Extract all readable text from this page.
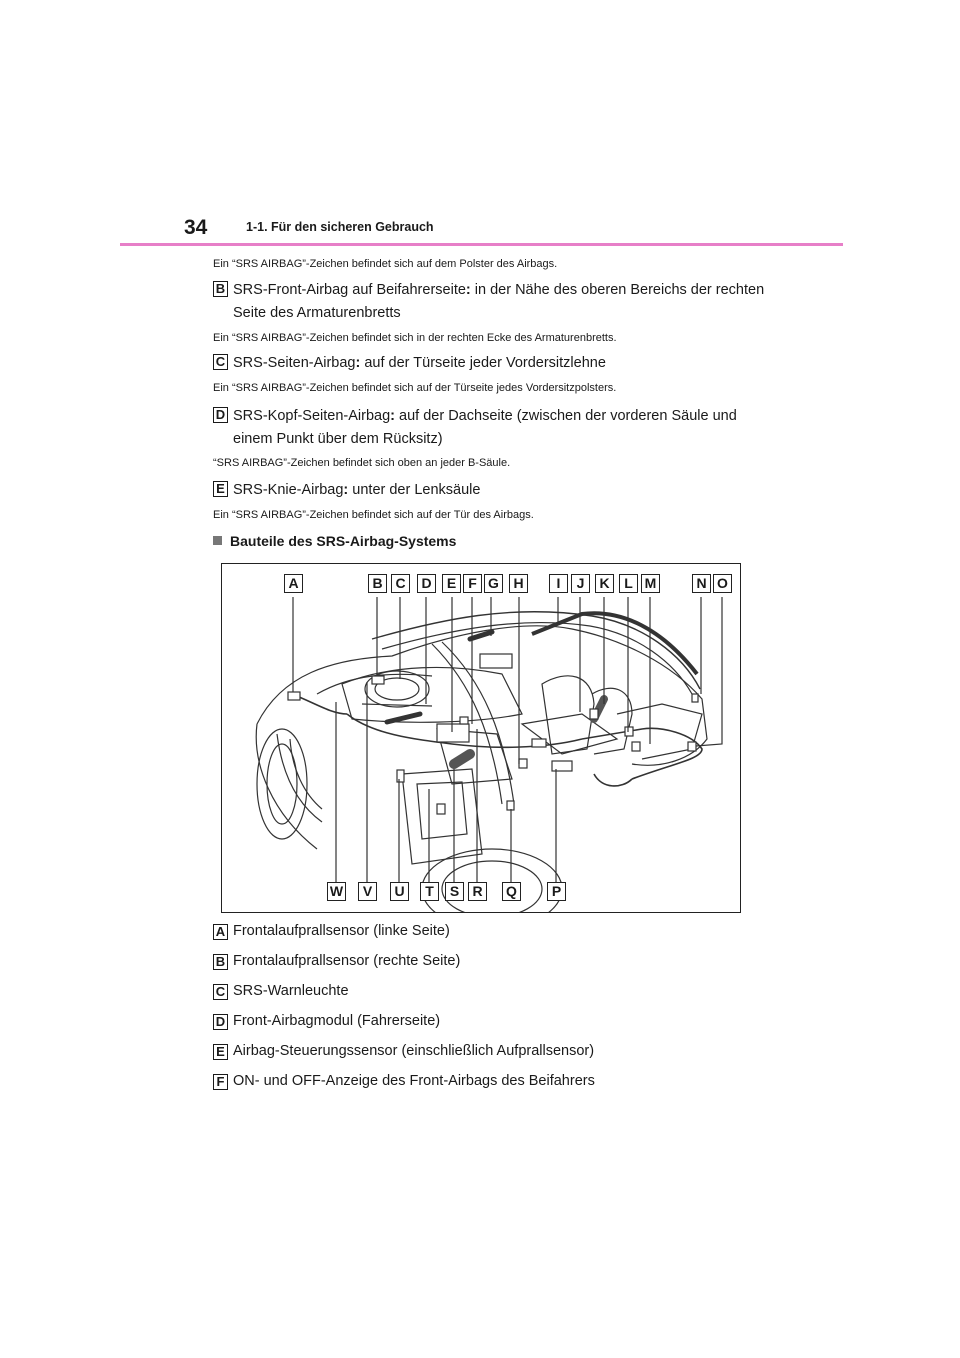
34	1-1. Für den sicheren Gebrauch
Ein “SRS AIRBAG”-Zeichen befindet sich auf dem Polster des Airbags.
B SRS-Front-Airbag auf Beifahrerseite: in der Nähe des oberen Bereichs der rechten Seite des Armaturenbretts
Ein “SRS AIRBAG”-Zeichen befindet sich in der rechten Ecke des Armaturenbretts.
C SRS-Seiten-Airbag: auf der Türseite jeder Vordersitzlehne
Ein “SRS AIRBAG”-Zeichen befindet sich auf der Türseite jedes Vordersitzpolsters.
D SRS-Kopf-Seiten-Airbag: auf der Dachseite (zwischen der vorderen Säule und einem Punkt über dem Rücksitz)
“SRS AIRBAG”-Zeichen befindet sich oben an jeder B-Säule.
E SRS-Knie-Airbag: unter der Lenksäule
Ein “SRS AIRBAG”-Zeichen befindet sich auf der Tür des Airbags.
Bauteile des SRS-Airbag-Systems
A	B C	D	E F G	H	I	J	K	L M	N O
W	V	U	T	S R	Q	P
A Frontalaufprallsensor (linke Seite)
B Frontalaufprallsensor (rechte Seite)
C SRS-Warnleuchte
D Front-Airbagmodul (Fahrerseite)
E Airbag-Steuerungssensor (einschließlich Aufprallsensor)
F ON- und OFF-Anzeige des Front-Airbags des Beifahrers
